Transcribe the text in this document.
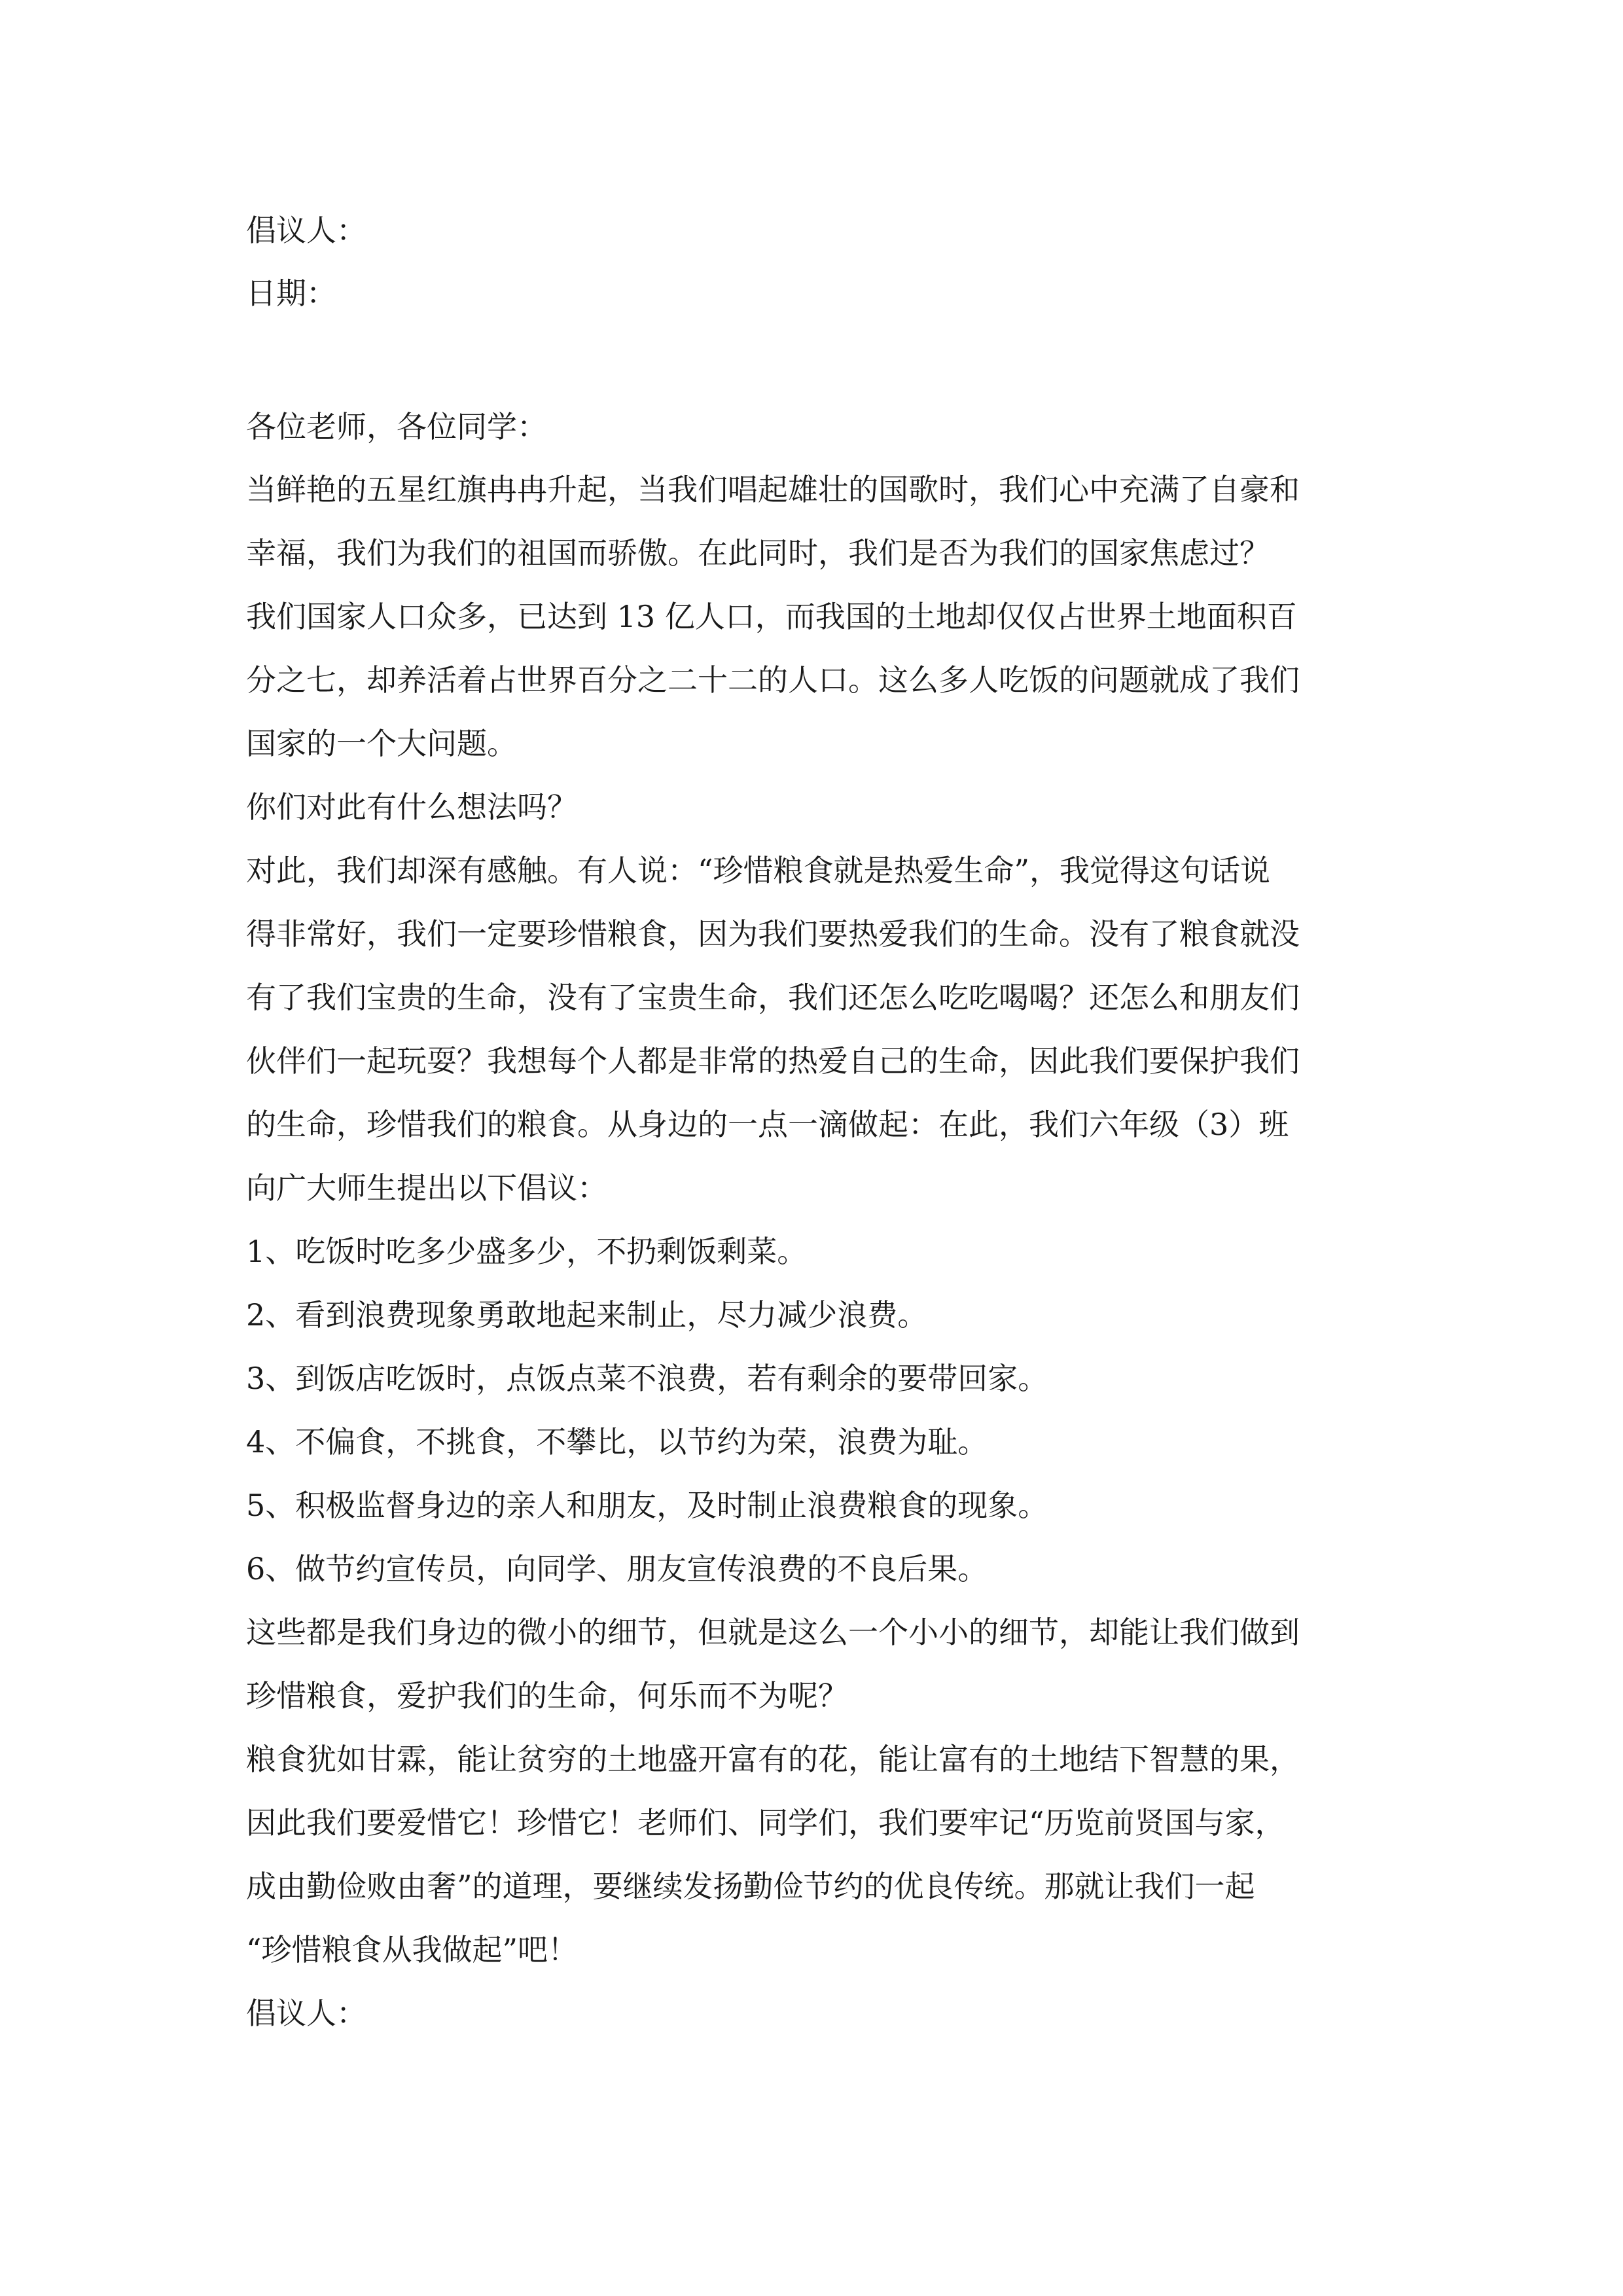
倡议人：

日期：

各位老师，各位同学：

当鲜艳的五星红旗冉冉升起，当我们唱起雄壮的国歌时，我们心中充满了自豪和

幸福，我们为我们的祖国而骄傲。在此同时，我们是否为我们的国家焦虑过？

我们国家人口众多，已达到 13 亿人口，而我国的土地却仅仅占世界土地面积百

分之七，却养活着占世界百分之二十二的人口。这么多人吃饭的问题就成了我们

国家的一个大问题。

你们对此有什么想法吗？

对此，我们却深有感触。有人说：“珍惜粮食就是热爱生命”，我觉得这句话说

得非常好，我们一定要珍惜粮食，因为我们要热爱我们的生命。没有了粮食就没

有了我们宝贵的生命，没有了宝贵生命，我们还怎么吃吃喝喝？还怎么和朋友们

伙伴们一起玩耍？我想每个人都是非常的热爱自己的生命，因此我们要保护我们

的生命，珍惜我们的粮食。从身边的一点一滴做起：在此，我们六年级（3）班

向广大师生提出以下倡议：

1、吃饭时吃多少盛多少，不扔剩饭剩菜。

2、看到浪费现象勇敢地起来制止，尽力减少浪费。

3、到饭店吃饭时，点饭点菜不浪费，若有剩余的要带回家。

4、不偏食，不挑食，不攀比，以节约为荣，浪费为耻。

5、积极监督身边的亲人和朋友，及时制止浪费粮食的现象。

6、做节约宣传员，向同学、朋友宣传浪费的不良后果。

这些都是我们身边的微小的细节，但就是这么一个小小的细节，却能让我们做到

珍惜粮食，爱护我们的生命，何乐而不为呢？

粮食犹如甘霖，能让贫穷的土地盛开富有的花，能让富有的土地结下智慧的果，

因此我们要爱惜它！珍惜它！老师们、同学们，我们要牢记“历览前贤国与家，

成由勤俭败由奢”的道理，要继续发扬勤俭节约的优良传统。那就让我们一起

“珍惜粮食从我做起”吧！

倡议人：
